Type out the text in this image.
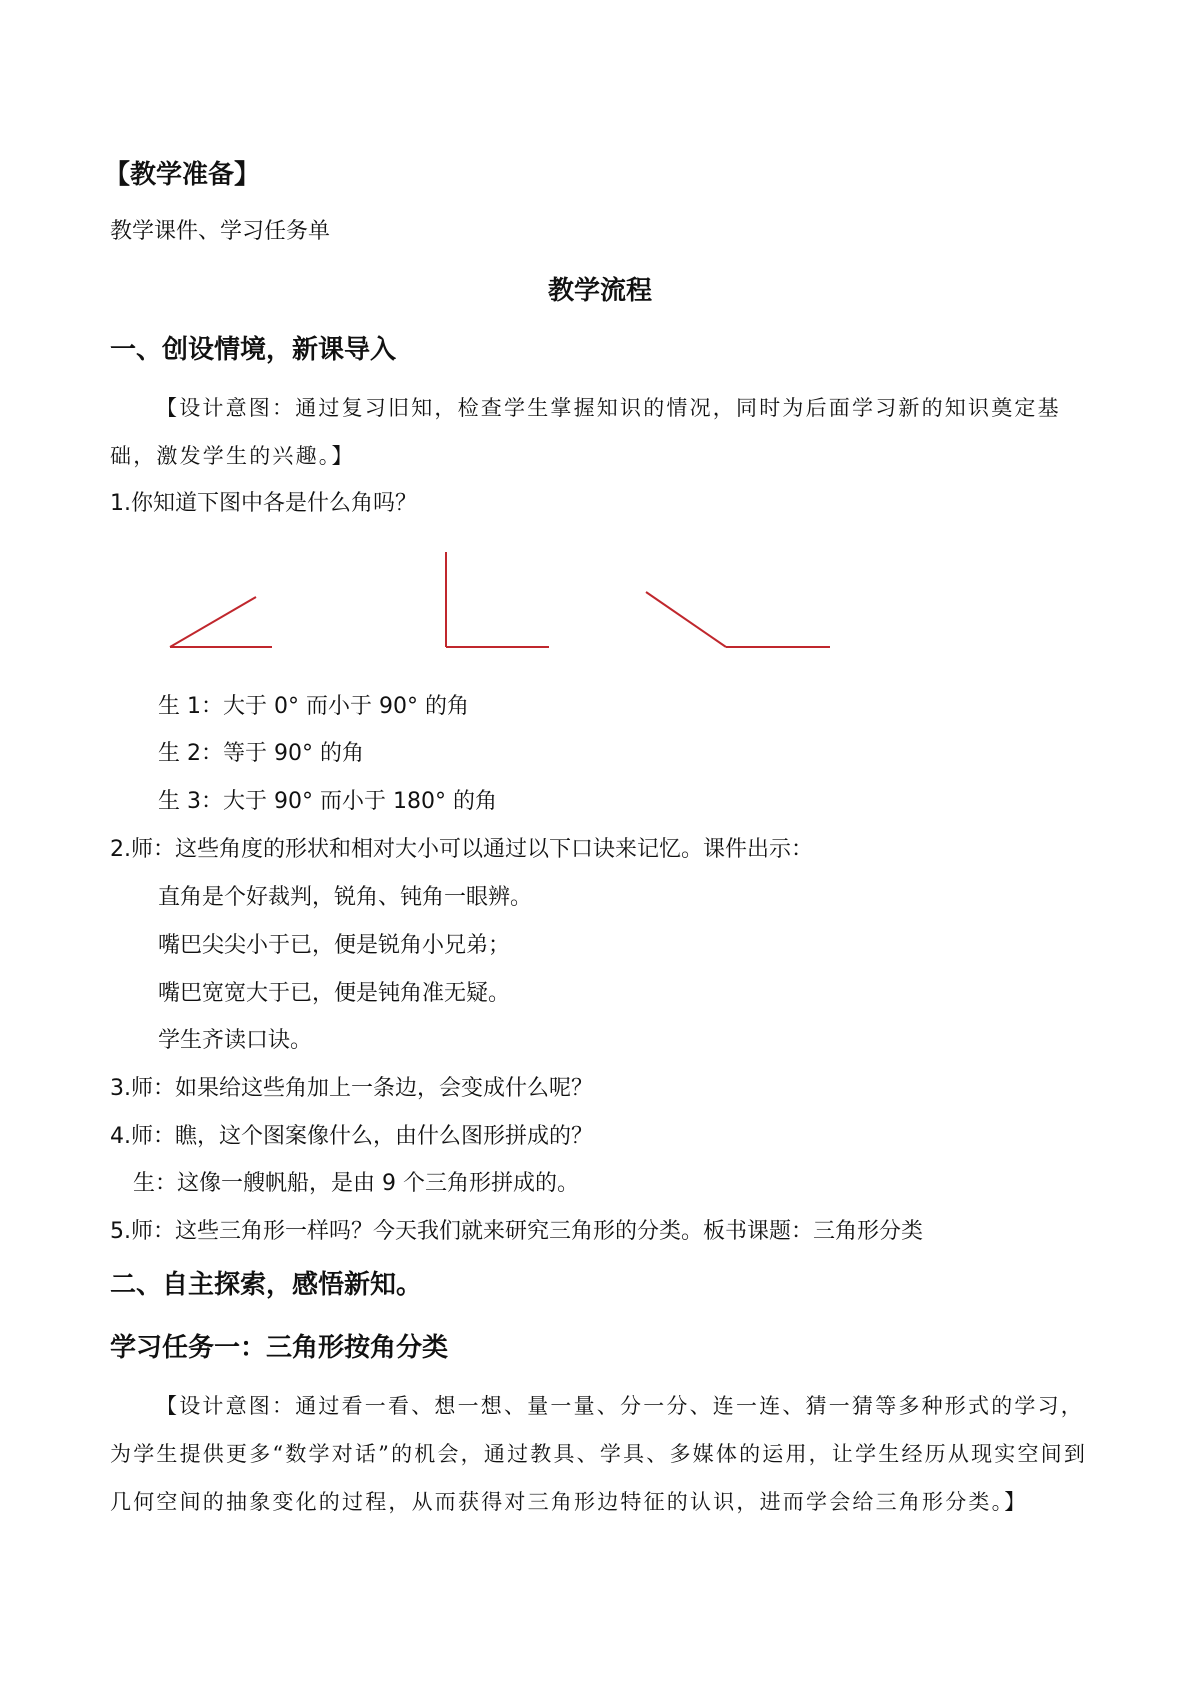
【教学准备】
教学课件、学习任务单
教学流程
一、创设情境，新课导入
【设计意图：通过复习旧知，检查学生掌握知识的情况，同时为后面学习新的知识奠定基础，激发学生的兴趣。】
1.你知道下图中各是什么角吗？
生 1：大于 0° 而小于 90° 的角
生 2：等于 90° 的角
生 3：大于 90° 而小于 180° 的角
2.师：这些角度的形状和相对大小可以通过以下口诀来记忆。课件出示：
直角是个好裁判，锐角、钝角一眼辨。
嘴巴尖尖小于已，便是锐角小兄弟；
嘴巴宽宽大于已，便是钝角准无疑。
学生齐读口诀。
3.师：如果给这些角加上一条边，会变成什么呢？
4.师：瞧，这个图案像什么，由什么图形拼成的？
生：这像一艘帆船，是由 9 个三角形拼成的。
5.师：这些三角形一样吗？今天我们就来研究三角形的分类。板书课题：三角形分类
二、自主探索，感悟新知。
学习任务一：三角形按角分类
【设计意图：通过看一看、想一想、量一量、分一分、连一连、猜一猜等多种形式的学习，为学生提供更多“数学对话”的机会，通过教具、学具、多媒体的运用，让学生经历从现实空间到几何空间的抽象变化的过程，从而获得对三角形边特征的认识，进而学会给三角形分类。】
